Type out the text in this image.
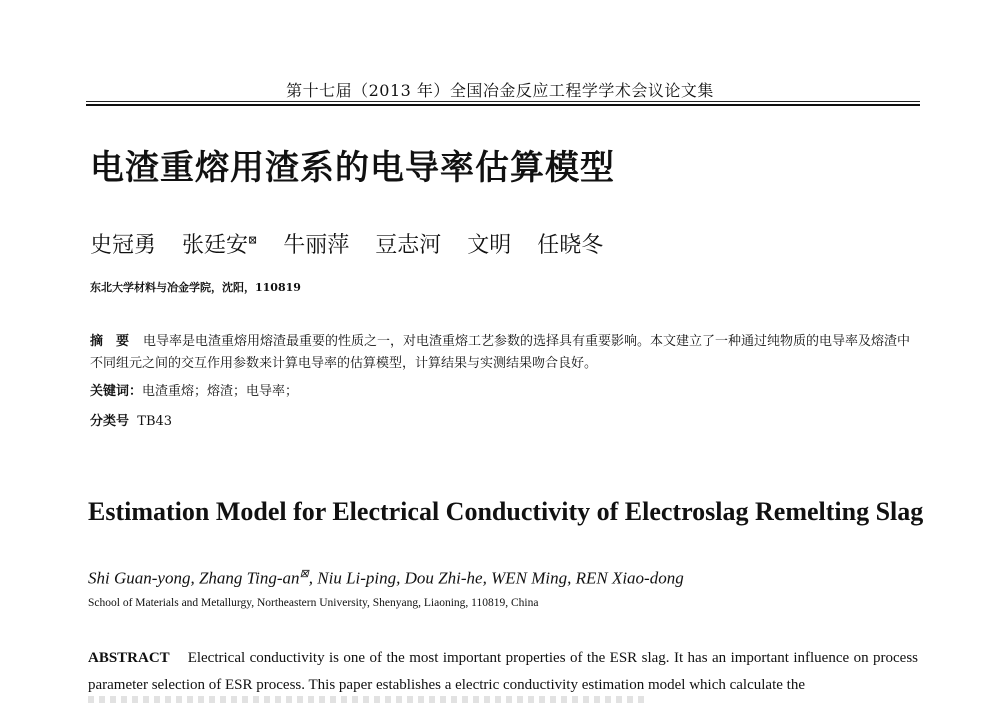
第十七届（2013 年）全国冶金反应工程学学术会议论文集
电渣重熔用渣系的电导率估算模型
史冠勇 张廷安⊠ 牛丽萍 豆志河 文明 任晓冬
东北大学材料与冶金学院，沈阳，110819
摘　要 电导率是电渣重熔用熔渣最重要的性质之一，对电渣重熔工艺参数的选择具有重要影响。本文建立了一种通过纯物质的电导率及熔渣中不同组元之间的交互作用参数来计算电导率的估算模型，计算结果与实测结果吻合良好。
关键词：电渣重熔；熔渣；电导率；
分类号 TB43
Estimation Model for Electrical Conductivity of Electroslag Remelting Slag
Shi Guan-yong, Zhang Ting-an⊠, Niu Li-ping, Dou Zhi-he, WEN Ming, REN Xiao-dong
School of Materials and Metallurgy, Northeastern University, Shenyang, Liaoning, 110819, China
ABSTRACT Electrical conductivity is one of the most important properties of the ESR slag. It has an important influence on process parameter selection of ESR process. This paper establishes a electric conductivity estimation model which calculate the
